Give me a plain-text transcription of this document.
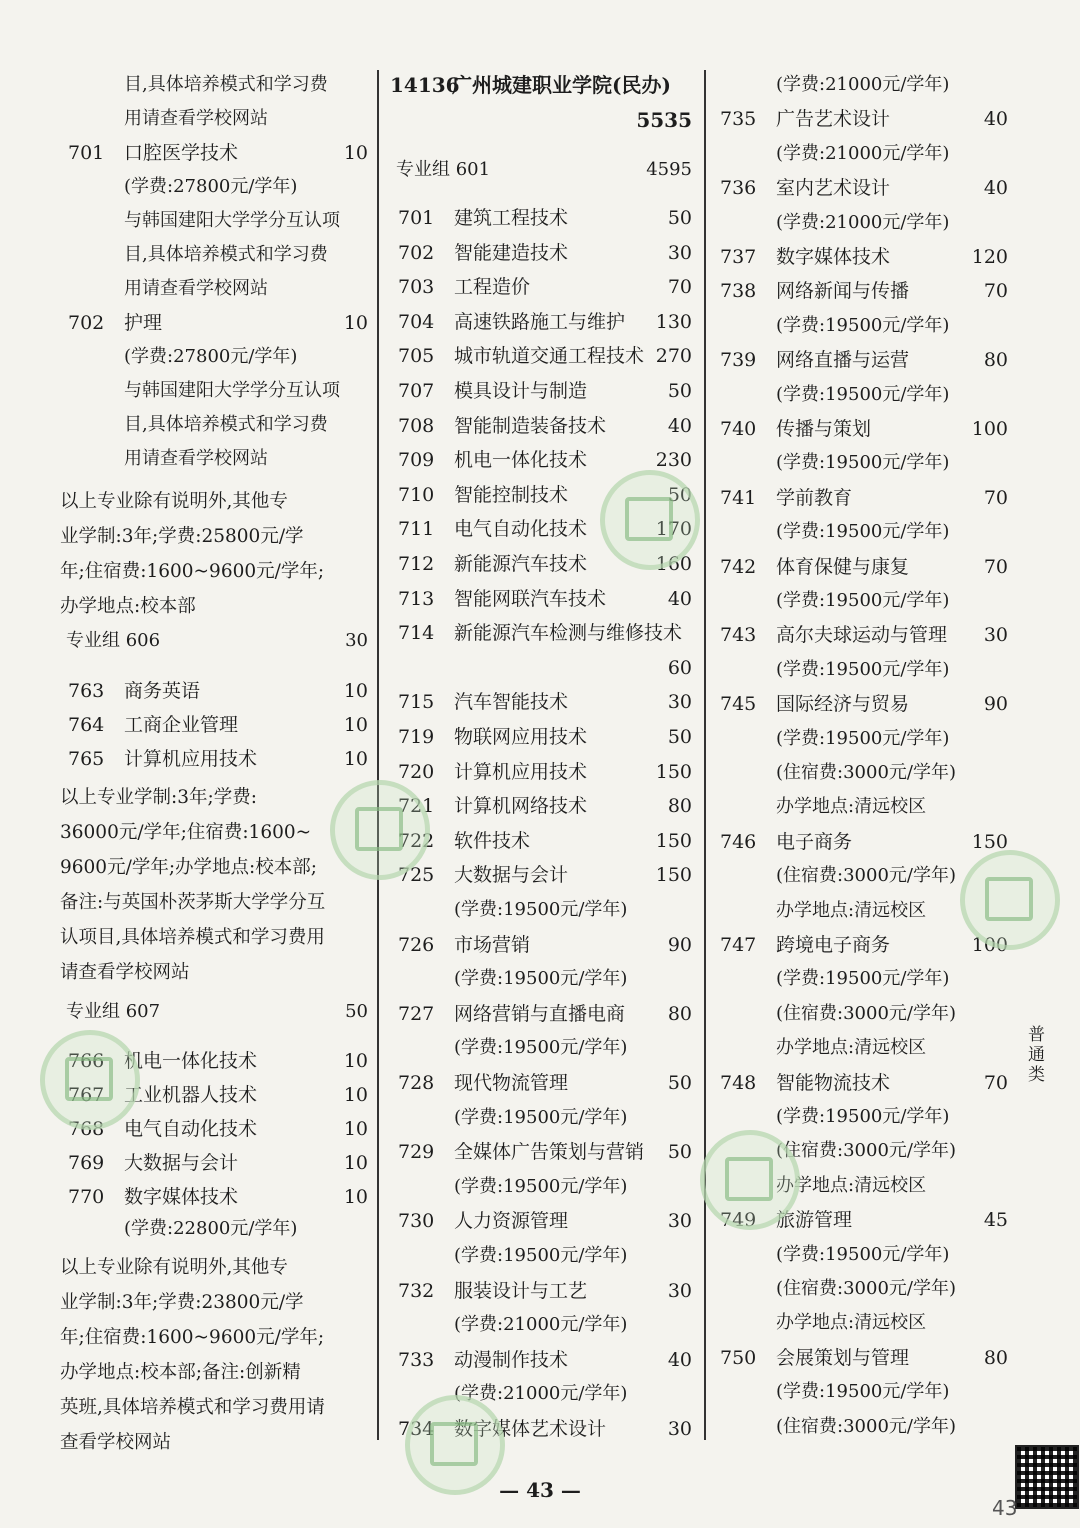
目,具体培养模式和学习费
用请查看学校网站
701 口腔医学技术	10
(学费:27800元/学年)
与韩国建阳大学学分互认项
目,具体培养模式和学习费
用请查看学校网站
702 护理	10
(学费:27800元/学年)
与韩国建阳大学学分互认项
目,具体培养模式和学习费
用请查看学校网站
以上专业除有说明外,其他专
业学制:3年;学费:25800元/学
年;住宿费:1600~9600元/学年;
办学地点:校本部
专业组 606	30
763 商务英语	10
764 工商企业管理	10
765 计算机应用技术	10
以上专业学制:3年;学费:
36000元/学年;住宿费:1600~
9600元/学年;办学地点:校本部;
备注:与英国朴茨茅斯大学学分互
认项目,具体培养模式和学习费用
请查看学校网站
专业组 607	50
766 机电一体化技术	10
767 工业机器人技术	10
768 电气自动化技术	10
769 大数据与会计	10
770 数字媒体技术	10
(学费:22800元/学年)
以上专业除有说明外,其他专
业学制:3年;学费:23800元/学
年;住宿费:1600~9600元/学年;
办学地点:校本部;备注:创新精
英班,具体培养模式和学习费用请
查看学校网站
14136
广州城建职业学院(民办)
5535
专业组 601	4595
701 建筑工程技术	50
702 智能建造技术	30
703 工程造价	70
704 高速铁路施工与维护 130
705 城市轨道交通工程技术 270
707 模具设计与制造	50
708 智能制造装备技术	40
709 机电一体化技术	230
710 智能控制技术	50
711 电气自动化技术	170
712 新能源汽车技术	160
713 智能网联汽车技术	40
714 新能源汽车检测与维修技术
60
715 汽车智能技术	30
719 物联网应用技术	50
720 计算机应用技术	150
721 计算机网络技术	80
722 软件技术	150
725 大数据与会计	150
(学费:19500元/学年)
726 市场营销	90
(学费:19500元/学年)
727 网络营销与直播电商 80
(学费:19500元/学年)
728 现代物流管理	50
(学费:19500元/学年)
729 全媒体广告策划与营销 50
(学费:19500元/学年)
730 人力资源管理	30
(学费:19500元/学年)
732 服装设计与工艺	30
(学费:21000元/学年)
733 动漫制作技术	40
(学费:21000元/学年)
734 数字媒体艺术设计	30
(学费:21000元/学年)
735 广告艺术设计	40
(学费:21000元/学年)
736 室内艺术设计	40
(学费:21000元/学年)
737 数字媒体技术	120
738 网络新闻与传播	70
(学费:19500元/学年)
739 网络直播与运营	80
(学费:19500元/学年)
740 传播与策划	100
(学费:19500元/学年)
741 学前教育	70
(学费:19500元/学年)
742 体育保健与康复	70
(学费:19500元/学年)
743 高尔夫球运动与管理 30
(学费:19500元/学年)
745 国际经济与贸易	90
(学费:19500元/学年)
(住宿费:3000元/学年)
办学地点:清远校区
746 电子商务	150
(住宿费:3000元/学年)
办学地点:清远校区
747 跨境电子商务	100
(学费:19500元/学年)
(住宿费:3000元/学年)
办学地点:清远校区
748 智能物流技术	70
(学费:19500元/学年)
(住宿费:3000元/学年)
办学地点:清远校区
749 旅游管理	45
(学费:19500元/学年)
(住宿费:3000元/学年)
办学地点:清远校区
750 会展策划与管理	80
(学费:19500元/学年)
(住宿费:3000元/学年)
普通类
— 43 —
43
